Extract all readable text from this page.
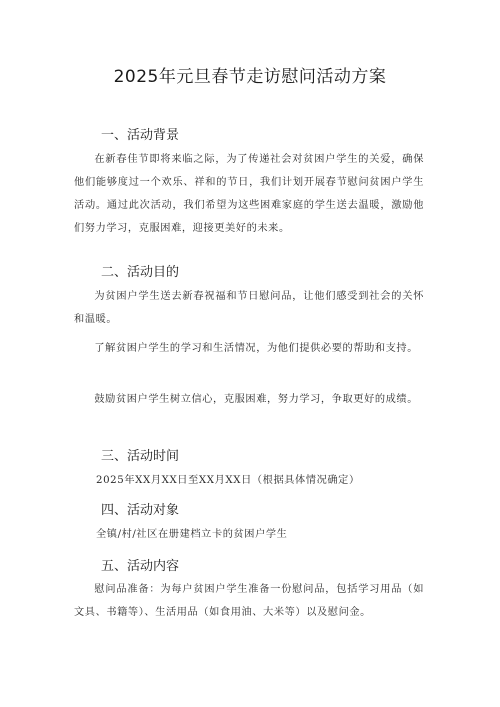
2025年元旦春节走访慰问活动方案
一、活动背景

在新春佳节即将来临之际，为了传递社会对贫困户学生的关爱，确保他们能够度过一个欢乐、祥和的节日，我们计划开展春节慰问贫困户学生活动。通过此次活动，我们希望为这些困难家庭的学生送去温暖，激励他们努力学习，克服困难，迎接更美好的未来。

二、活动目的

为贫困户学生送去新春祝福和节日慰问品，让他们感受到社会的关怀和温暖。

了解贫困户学生的学习和生活情况，为他们提供必要的帮助和支持。

鼓励贫困户学生树立信心，克服困难，努力学习，争取更好的成绩。

三、活动时间

2025年XX月XX日至XX月XX日（根据具体情况确定）

四、活动对象

全镇/村/社区在册建档立卡的贫困户学生

五、活动内容

慰问品准备：为每户贫困户学生准备一份慰问品，包括学习用品（如文具、书籍等）、生活用品（如食用油、大米等）以及慰问金。
